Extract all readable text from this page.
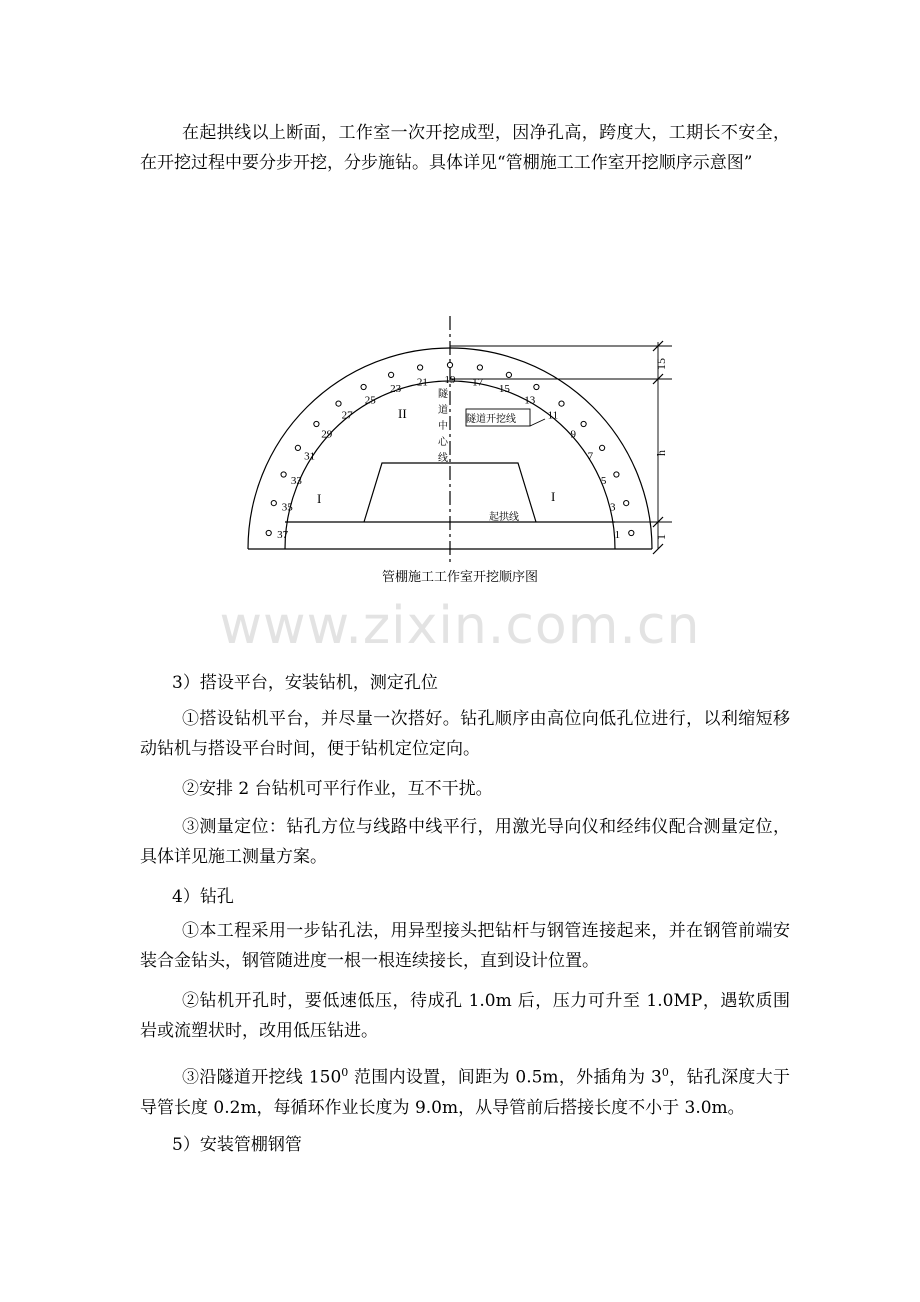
在起拱线以上断面，工作室一次开挖成型，因净孔高，跨度大，工期长不安全，在开挖过程中要分步开挖，分步施钻。具体详见“管棚施工工作室开挖顺序示意图”

1
3
5
7
9
11
13
15
17
19
21
23
25
27
29
31
33
35
37
隧道开挖线
起拱线
II
I	I
隧
道
中
心
线
15
h
1
管棚施工工作室开挖顺序图
www.zixin.com.cn

3）搭设平台，安装钻机，测定孔位

①搭设钻机平台，并尽量一次搭好。钻孔顺序由高位向低孔位进行，以利缩短移动钻机与搭设平台时间，便于钻机定位定向。

②安排 2 台钻机可平行作业，互不干扰。

③测量定位：钻孔方位与线路中线平行，用激光导向仪和经纬仪配合测量定位，具体详见施工测量方案。

4）钻孔

①本工程采用一步钻孔法，用异型接头把钻杆与钢管连接起来，并在钢管前端安装合金钻头，钢管随进度一根一根连续接长，直到设计位置。

②钻机开孔时，要低速低压，待成孔 1.0m 后，压力可升至 1.0MP，遇软质围岩或流塑状时，改用低压钻进。

③沿隧道开挖线 $150^0$ 范围内设置，间距为 0.5m，外插角为 $3^0$，钻孔深度大于导管长度 0.2m，每循环作业长度为 9.0m，从导管前后搭接长度不小于 3.0m。

5）安装管棚钢管
